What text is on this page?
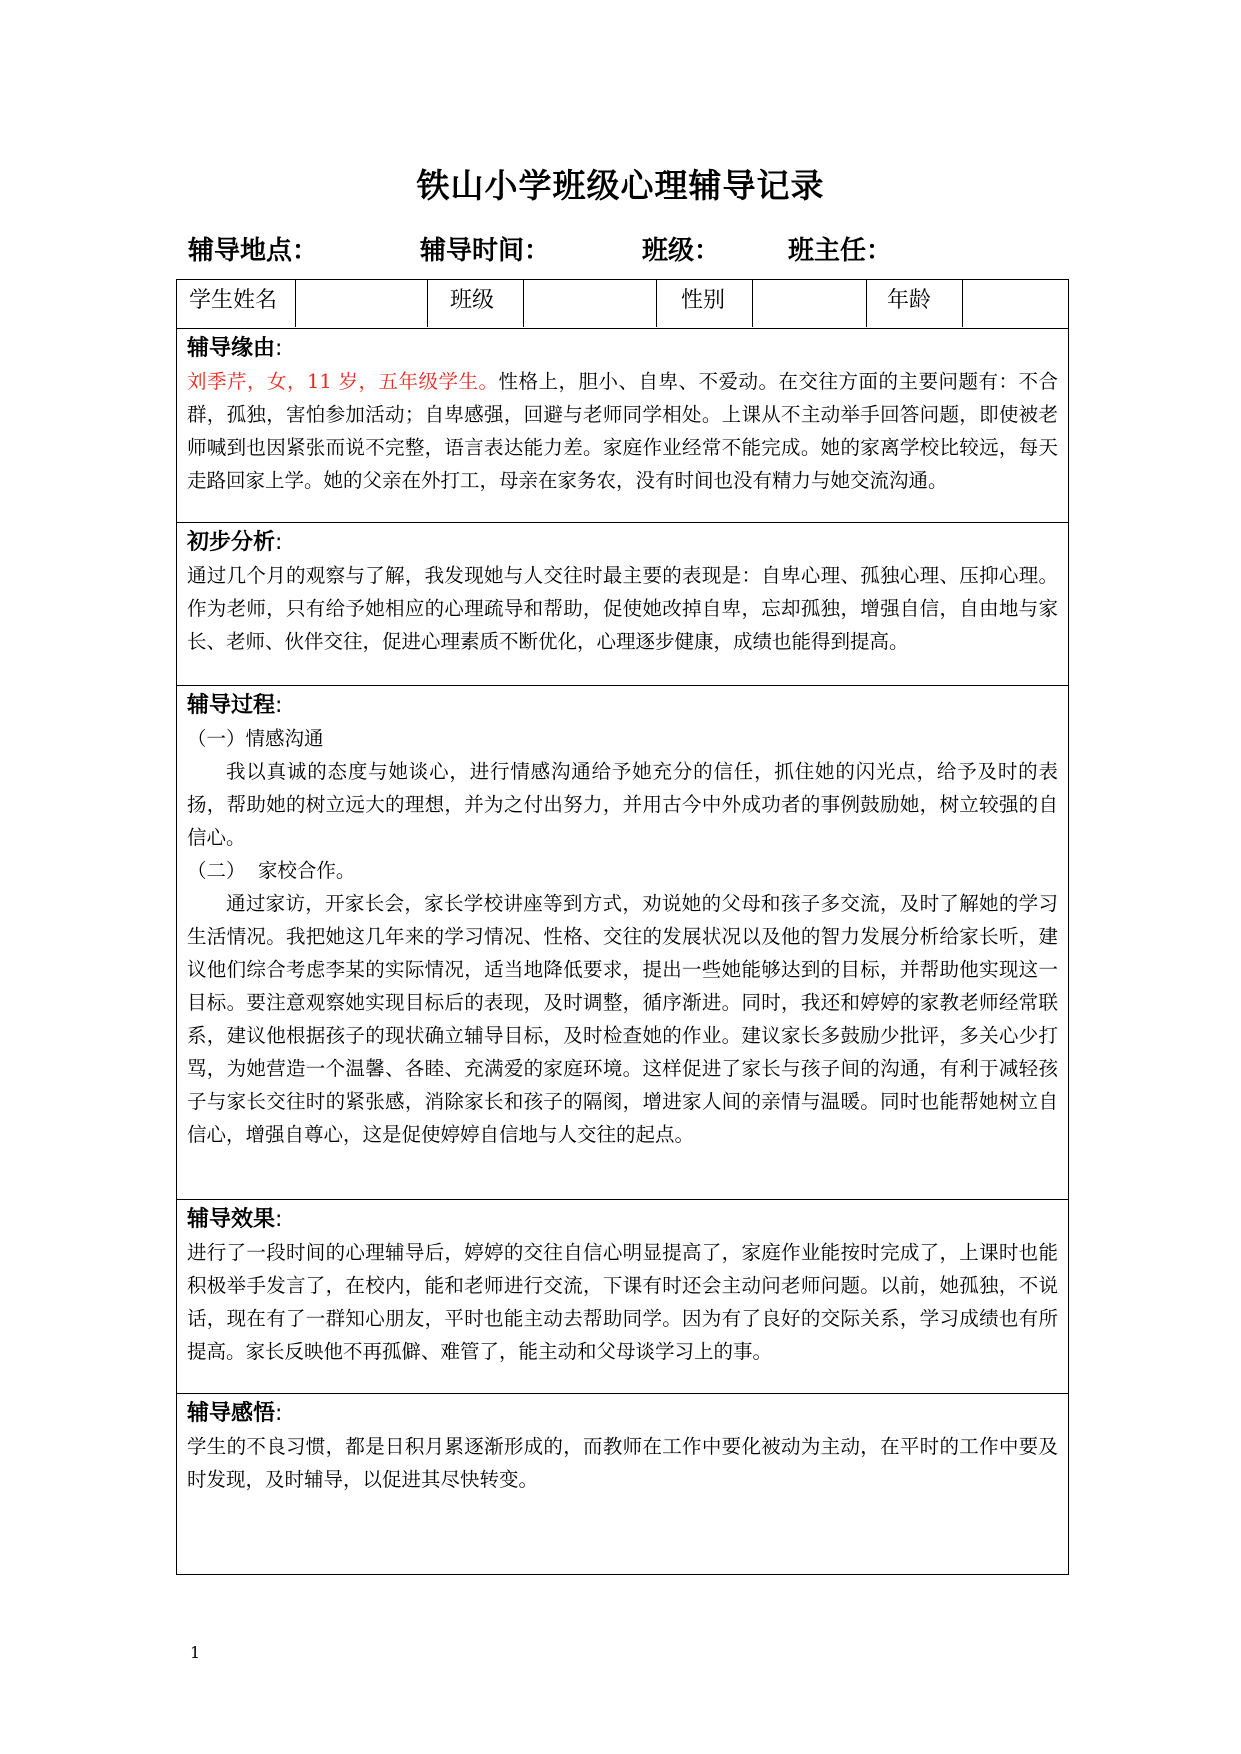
铁山小学班级心理辅导记录
辅导地点：	辅导时间：	班级：	班主任：
学生姓名	班级	性别	年龄
辅导缘由:

刘季芹，女，11 岁，五年级学生。性格上，胆小、自卑、不爱动。在交往方面的主要问题有：不合群，孤独，害怕参加活动；自卑感强，回避与老师同学相处。上课从不主动举手回答问题，即使被老师喊到也因紧张而说不完整，语言表达能力差。家庭作业经常不能完成。她的家离学校比较远，每天走路回家上学。她的父亲在外打工，母亲在家务农，没有时间也没有精力与她交流沟通。

初步分析:

通过几个月的观察与了解，我发现她与人交往时最主要的表现是：自卑心理、孤独心理、压抑心理。作为老师，只有给予她相应的心理疏导和帮助，促使她改掉自卑，忘却孤独，增强自信，自由地与家长、老师、伙伴交往，促进心理素质不断优化，心理逐步健康，成绩也能得到提高。

辅导过程:

（一）情感沟通

我以真诚的态度与她谈心，进行情感沟通给予她充分的信任，抓住她的闪光点，给予及时的表扬，帮助她的树立远大的理想，并为之付出努力，并用古今中外成功者的事例鼓励她，树立较强的自信心。

（二）  家校合作。

通过家访，开家长会，家长学校讲座等到方式，劝说她的父母和孩子多交流，及时了解她的学习生活情况。我把她这几年来的学习情况、性格、交往的发展状况以及他的智力发展分析给家长听，建议他们综合考虑李某的实际情况，适当地降低要求，提出一些她能够达到的目标，并帮助他实现这一目标。要注意观察她实现目标后的表现，及时调整，循序渐进。同时，我还和婷婷的家教老师经常联系，建议他根据孩子的现状确立辅导目标，及时检查她的作业。建议家长多鼓励少批评，多关心少打骂，为她营造一个温馨、各睦、充满爱的家庭环境。这样促进了家长与孩子间的沟通，有利于减轻孩子与家长交往时的紧张感，消除家长和孩子的隔阂，增进家人间的亲情与温暖。同时也能帮她树立自信心，增强自尊心，这是促使婷婷自信地与人交往的起点。

辅导效果:

进行了一段时间的心理辅导后，婷婷的交往自信心明显提高了，家庭作业能按时完成了，上课时也能积极举手发言了，在校内，能和老师进行交流，下课有时还会主动问老师问题。以前，她孤独，不说话，现在有了一群知心朋友，平时也能主动去帮助同学。因为有了良好的交际关系，学习成绩也有所提高。家长反映他不再孤僻、难管了，能主动和父母谈学习上的事。

辅导感悟:

学生的不良习惯，都是日积月累逐渐形成的，而教师在工作中要化被动为主动，在平时的工作中要及时发现，及时辅导，以促进其尽快转变。

1
